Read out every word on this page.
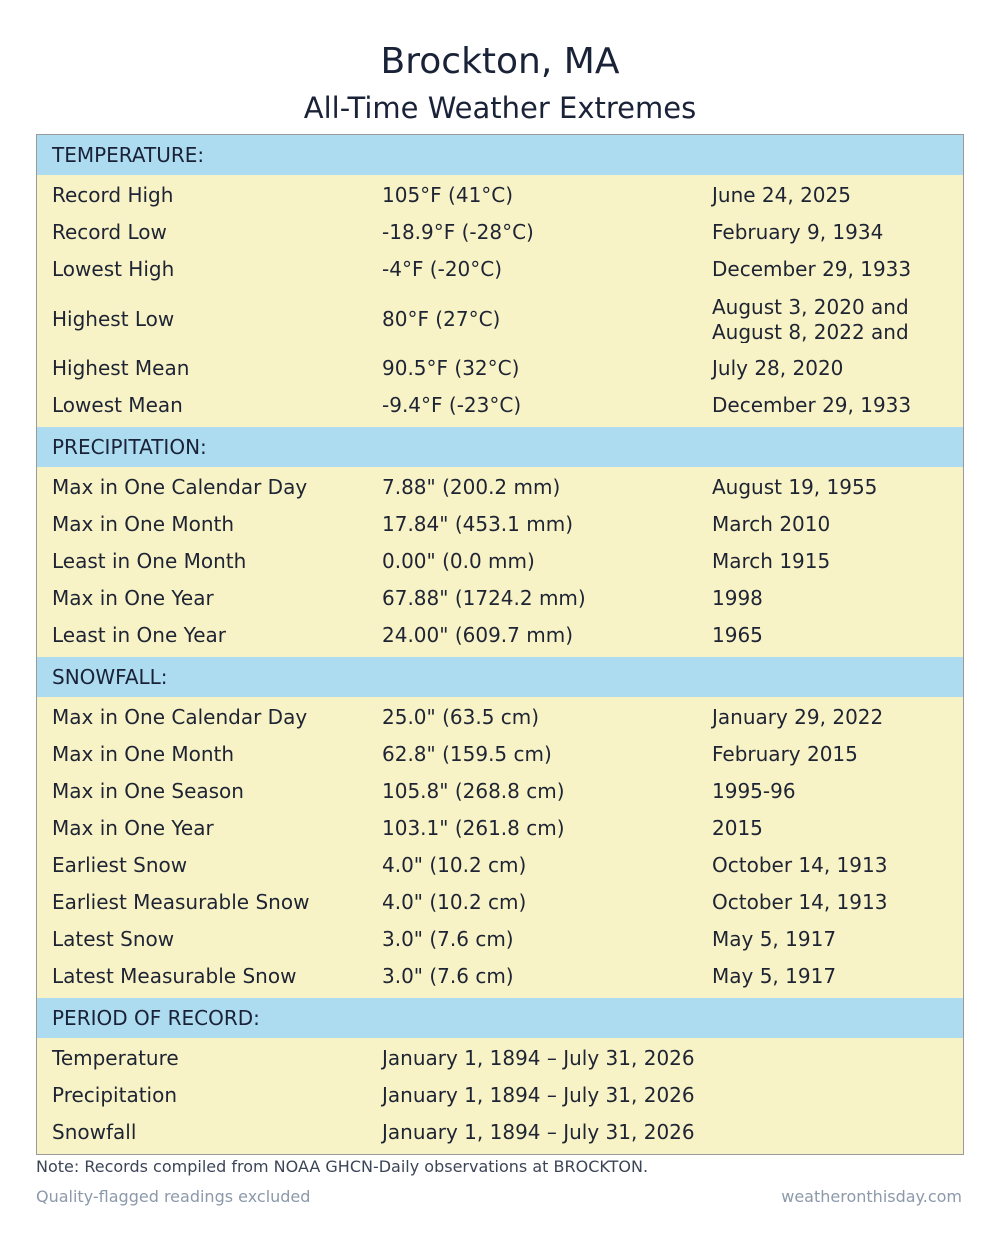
Brockton, MA
All-Time Weather Extremes
TEMPERATURE:
Record High	105°F (41°C)	June 24, 2025
Record Low	-18.9°F (-28°C)	February 9, 1934
Lowest High	-4°F (-20°C)	December 29, 1933
Highest Low	80°F (27°C)	August 3, 2020 and August 8, 2022 and
Highest Mean	90.5°F (32°C)	July 28, 2020
Lowest Mean	-9.4°F (-23°C)	December 29, 1933
PRECIPITATION:
Max in One Calendar Day	7.88" (200.2 mm)	August 19, 1955
Max in One Month	17.84" (453.1 mm)	March 2010
Least in One Month	0.00" (0.0 mm)	March 1915
Max in One Year	67.88" (1724.2 mm)	1998
Least in One Year	24.00" (609.7 mm)	1965
SNOWFALL:
Max in One Calendar Day	25.0" (63.5 cm)	January 29, 2022
Max in One Month	62.8" (159.5 cm)	February 2015
Max in One Season	105.8" (268.8 cm)	1995-96
Max in One Year	103.1" (261.8 cm)	2015
Earliest Snow	4.0" (10.2 cm)	October 14, 1913
Earliest Measurable Snow	4.0" (10.2 cm)	October 14, 1913
Latest Snow	3.0" (7.6 cm)	May 5, 1917
Latest Measurable Snow	3.0" (7.6 cm)	May 5, 1917
PERIOD OF RECORD:
Temperature	January 1, 1894 – July 31, 2026
Precipitation	January 1, 1894 – July 31, 2026
Snowfall	January 1, 1894 – July 31, 2026
Note: Records compiled from NOAA GHCN-Daily observations at BROCKTON.
Quality-flagged readings excluded	weatheronthisday.com
